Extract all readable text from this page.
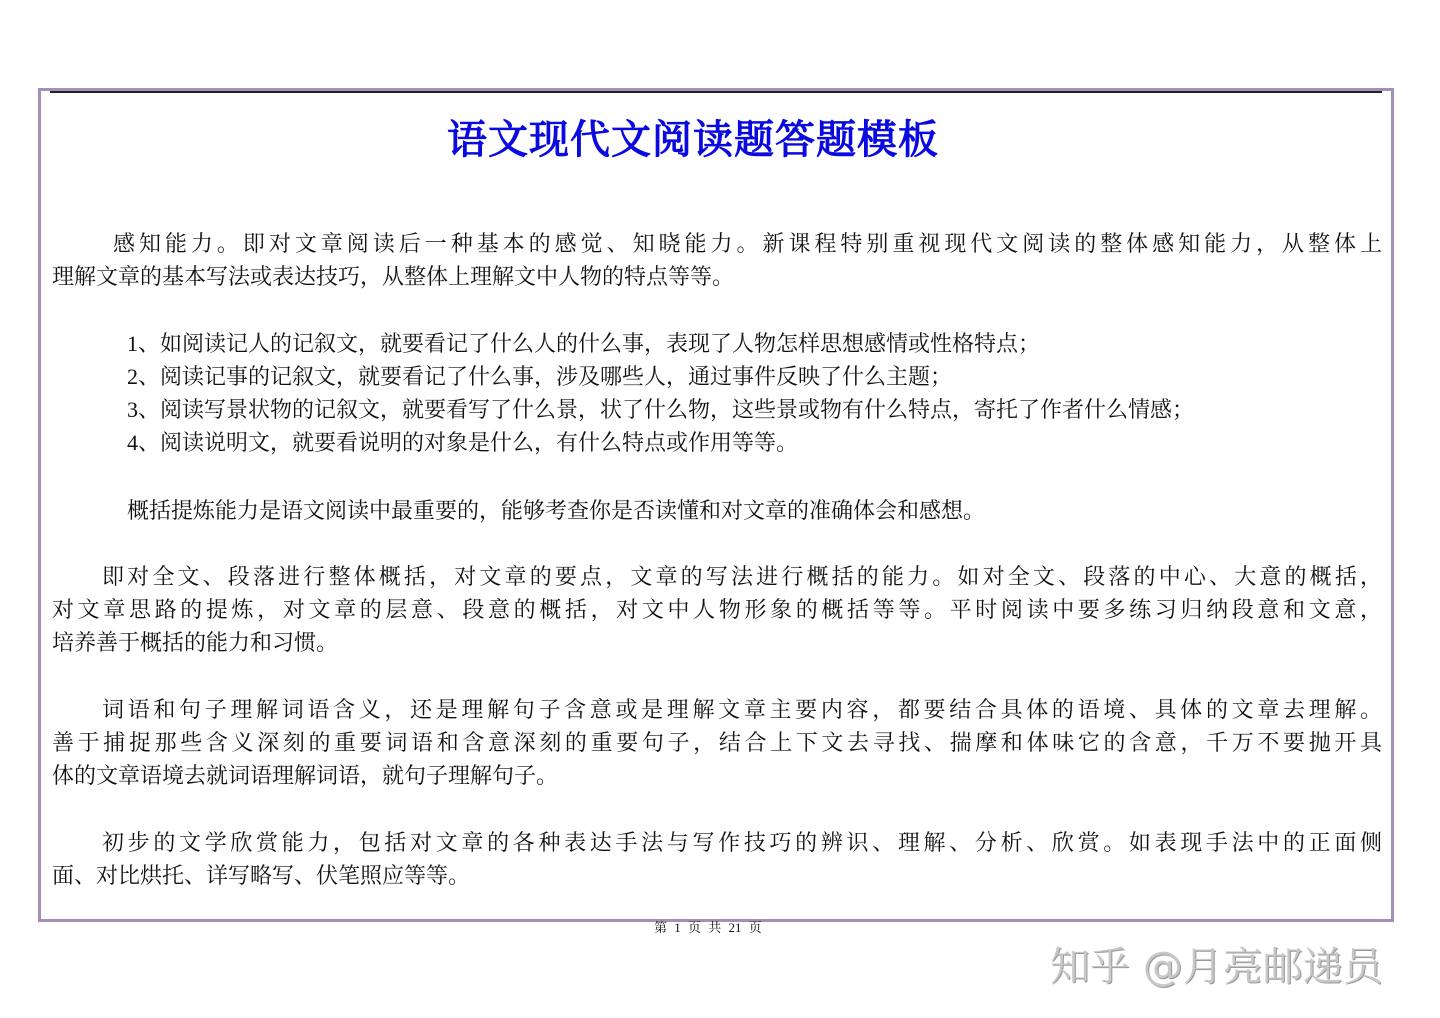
语文现代文阅读题答题模板
感知能力。即对文章阅读后一种基本的感觉、知晓能力。新课程特别重视现代文阅读的整体感知能力，从整体上
理解文章的基本写法或表达技巧，从整体上理解文中人物的特点等等。
1、如阅读记人的记叙文，就要看记了什么人的什么事，表现了人物怎样思想感情或性格特点；
2、阅读记事的记叙文，就要看记了什么事，涉及哪些人，通过事件反映了什么主题；
3、阅读写景状物的记叙文，就要看写了什么景，状了什么物，这些景或物有什么特点，寄托了作者什么情感；
4、阅读说明文，就要看说明的对象是什么，有什么特点或作用等等。
概括提炼能力是语文阅读中最重要的，能够考查你是否读懂和对文章的准确体会和感想。
即对全文、段落进行整体概括，对文章的要点，文章的写法进行概括的能力。如对全文、段落的中心、大意的概括，
对文章思路的提炼，对文章的层意、段意的概括，对文中人物形象的概括等等。平时阅读中要多练习归纳段意和文意，
培养善于概括的能力和习惯。
词语和句子理解词语含义，还是理解句子含意或是理解文章主要内容，都要结合具体的语境、具体的文章去理解。
善于捕捉那些含义深刻的重要词语和含意深刻的重要句子，结合上下文去寻找、揣摩和体味它的含意，千万不要抛开具
体的文章语境去就词语理解词语，就句子理解句子。
初步的文学欣赏能力，包括对文章的各种表达手法与写作技巧的辨识、理解、分析、欣赏。如表现手法中的正面侧
面、对比烘托、详写略写、伏笔照应等等。
第 1 页 共 21 页
知乎 @月亮邮递员
